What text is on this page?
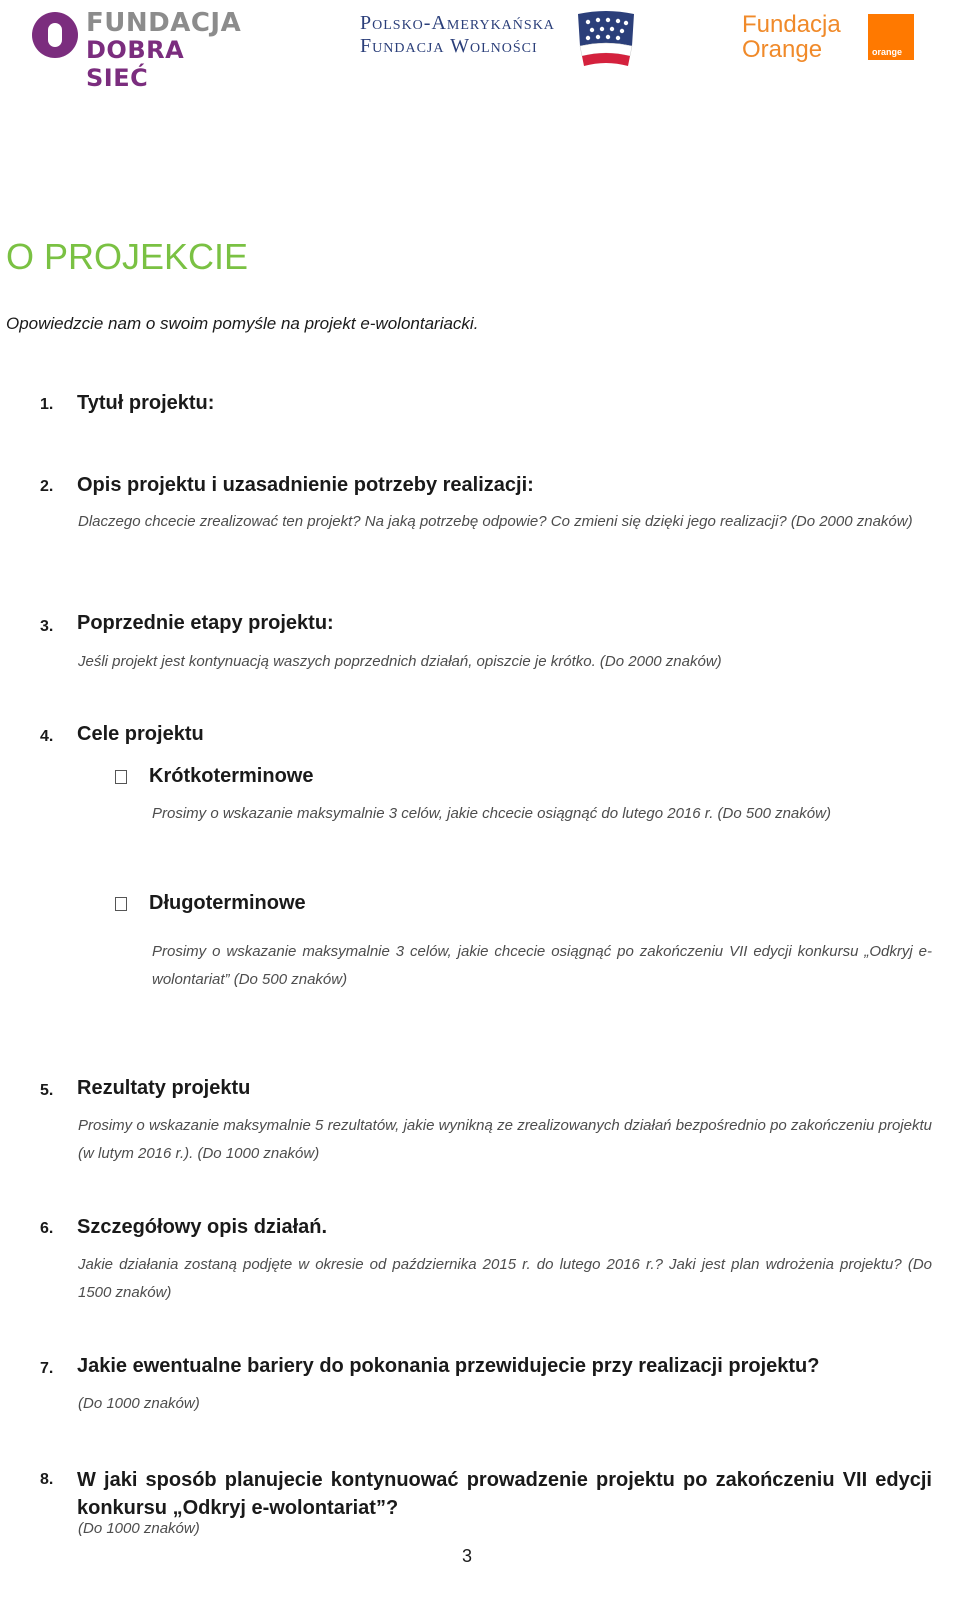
FUNDACJA
DOBRA SIEĆ
Polsko-Amerykańska
Fundacja Wolności
Fundacja
Orange	orange
O PROJEKCIE
Opowiedzcie nam o swoim pomyśle na projekt e-wolontariacki.
1. Tytuł projektu:
2. Opis projektu i uzasadnienie potrzeby realizacji:
Dlaczego chcecie zrealizować ten projekt? Na jaką potrzebę odpowie? Co zmieni się dzięki jego realizacji? (Do 2000 znaków)
3. Poprzednie etapy projektu:
Jeśli projekt jest kontynuacją waszych poprzednich działań, opiszcie je krótko. (Do 2000 znaków)
4. Cele projektu
Krótkoterminowe
Prosimy o wskazanie maksymalnie 3 celów, jakie chcecie osiągnąć do lutego 2016 r. (Do 500 znaków)
Długoterminowe
Prosimy o wskazanie maksymalnie 3 celów, jakie chcecie osiągnąć po zakończeniu VII edycji konkursu „Odkryj e-wolontariat” (Do 500 znaków)
5. Rezultaty projektu
Prosimy o wskazanie maksymalnie 5 rezultatów, jakie wynikną ze zrealizowanych działań bezpośrednio po zakończeniu projektu (w lutym 2016 r.). (Do 1000 znaków)
6. Szczegółowy opis działań.
Jakie działania zostaną podjęte w okresie od października 2015 r. do lutego 2016 r.? Jaki jest plan wdrożenia projektu? (Do 1500 znaków)
7. Jakie ewentualne bariery do pokonania przewidujecie przy realizacji projektu?
(Do 1000 znaków)
8. W jaki sposób planujecie kontynuować prowadzenie projektu po zakończeniu VII edycji konkursu „Odkryj e-wolontariat”?
(Do 1000 znaków)
3
